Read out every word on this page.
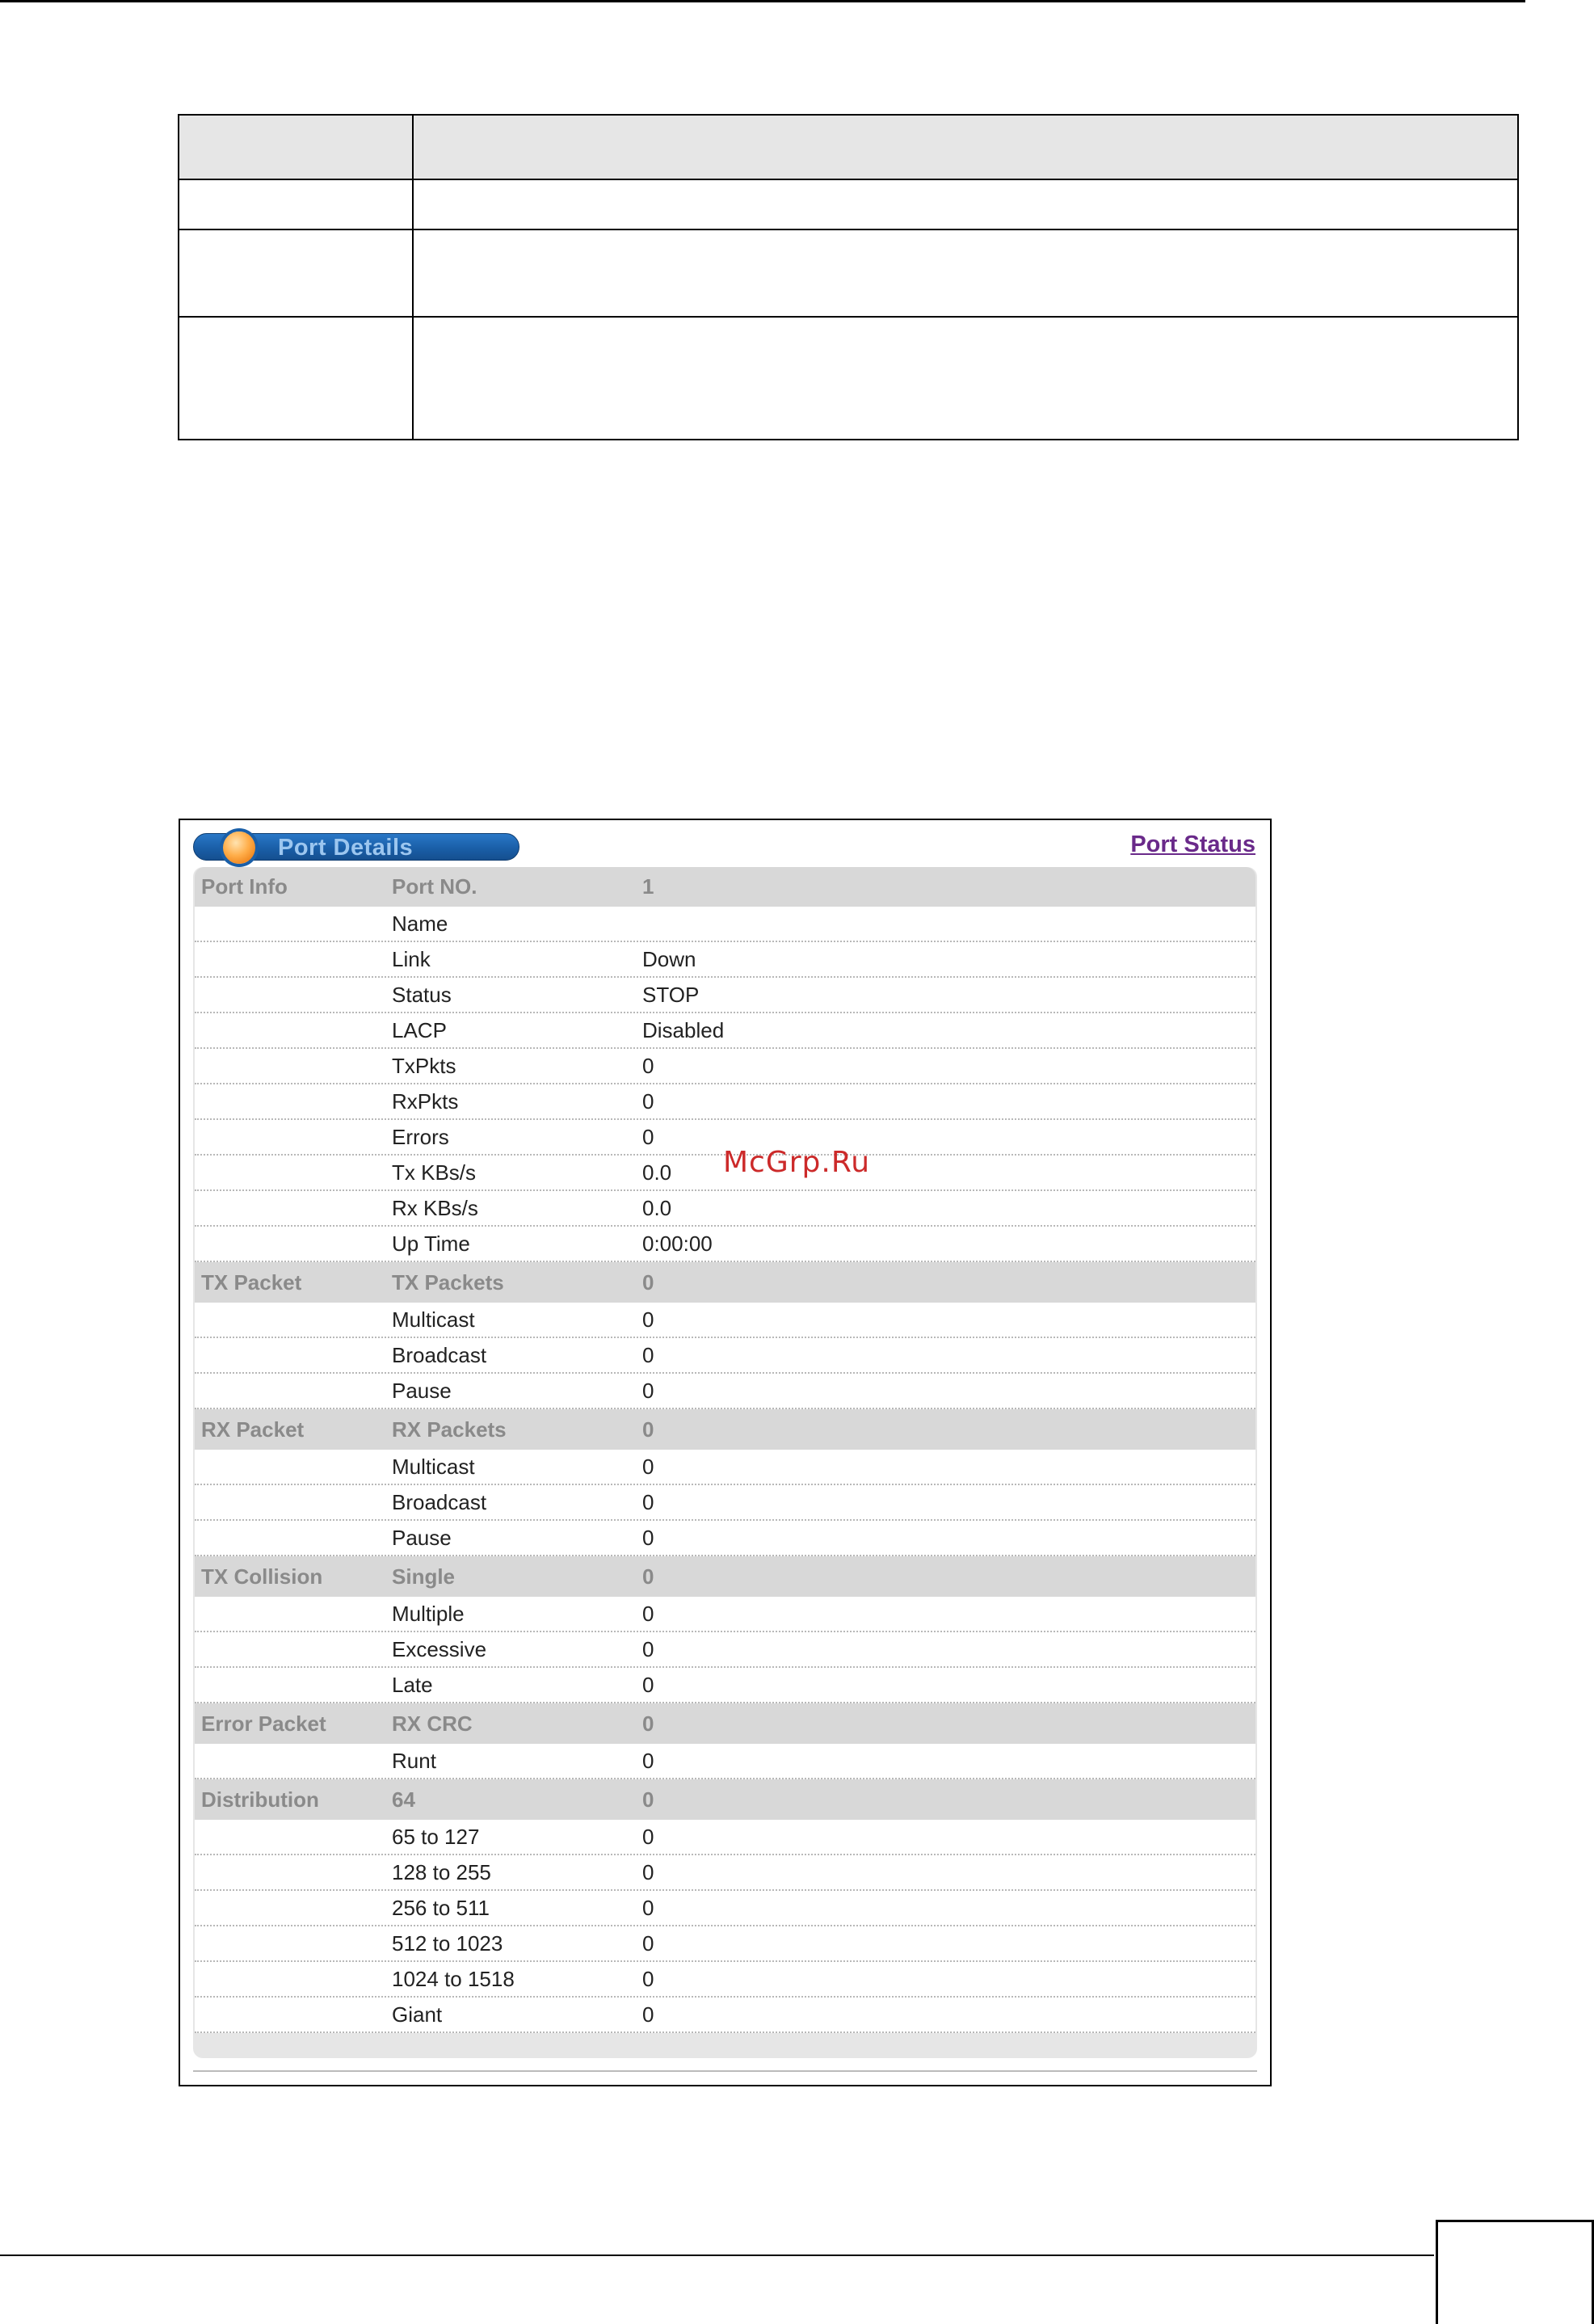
Port Details	Port Status
Port Info	Port NO.	1
Name
Link	Down
Status	STOP
LACP	Disabled
TxPkts	0
RxPkts	0
Errors	0
Tx KBs/s	0.0
Rx KBs/s	0.0
Up Time	0:00:00
TX Packet	TX Packets	0
Multicast	0
Broadcast	0
Pause	0
RX Packet	RX Packets	0
Multicast	0
Broadcast	0
Pause	0
TX Collision	Single	0
Multiple	0
Excessive	0
Late	0
Error Packet	RX CRC	0
Runt	0
Distribution	64	0
65 to 127	0
128 to 255	0
256 to 511	0
512 to 1023	0
1024 to 1518	0
Giant	0
McGrp.Ru
